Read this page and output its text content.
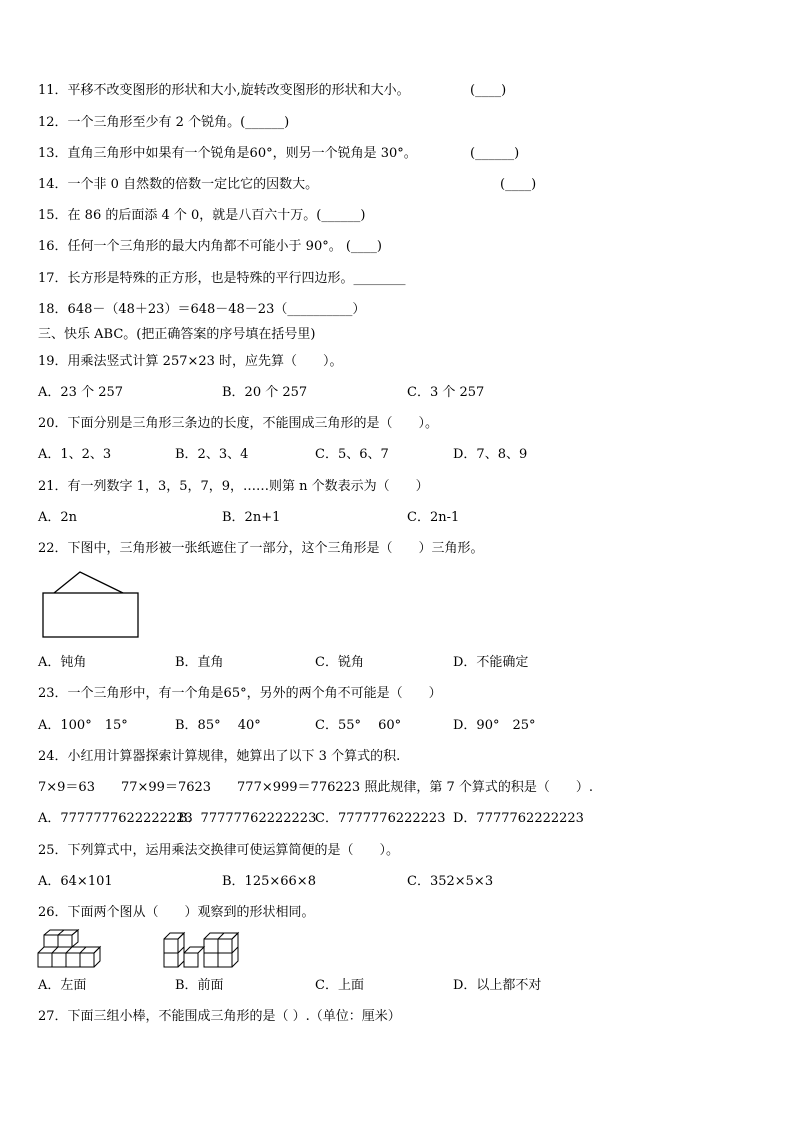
11．平移不改变图形的形状和大小,旋转改变图形的形状和大小。	(____)
12．一个三角形至少有 2 个锐角。(______)
13．直角三角形中如果有一个锐角是60°，则另一个锐角是 30°。	(______)
14．一个非 0 自然数的倍数一定比它的因数大。	(____)
15．在 86 的后面添 4 个 0，就是八百六十万。(______)
16．任何一个三角形的最大内角都不可能小于 90°。 (____)
17．长方形是特殊的正方形，也是特殊的平行四边形。________
18．648－（48＋23）＝648－48－23（__________）
三、快乐 ABC。(把正确答案的序号填在括号里)
19．用乘法竖式计算 257×23 时，应先算（　　）。
A．23 个 257	B．20 个 257	C．3 个 257
20．下面分别是三角形三条边的长度，不能围成三角形的是（　　）。
A．1、2、3	B．2、3、4	C．5、6、7	D．7、8、9
21．有一列数字 1，3，5，7，9，……则第 n 个数表示为（　　）
A．2n	B．2n+1	C．2n-1
22．下图中，三角形被一张纸遮住了一部分，这个三角形是（　　）三角形。
A．钝角	B．直角	C．锐角	D．不能确定
23．一个三角形中，有一个角是65°，另外的两个角不可能是（　　）
A．100°　15°	B．85°　 40°	C．55°　 60°	D．90°　25°
24．小红用计算器探索计算规律，她算出了以下 3 个算式的积.
7×9＝63　　77×99＝7623　　777×999＝776223 照此规律，第 7 个算式的积是（　　）.
A．7777777622222223
B．77777762222223
C．7777776222223 D．7777762222223
25．下列算式中，运用乘法交换律可使运算简便的是（　　）。
A．64×101	B．125×66×8	C．352×5×3
26．下面两个图从（　　）观察到的形状相同。
A．左面	B．前面	C．上面	D．以上都不对
27．下面三组小棒，不能围成三角形的是（ ）.（单位：厘米）
